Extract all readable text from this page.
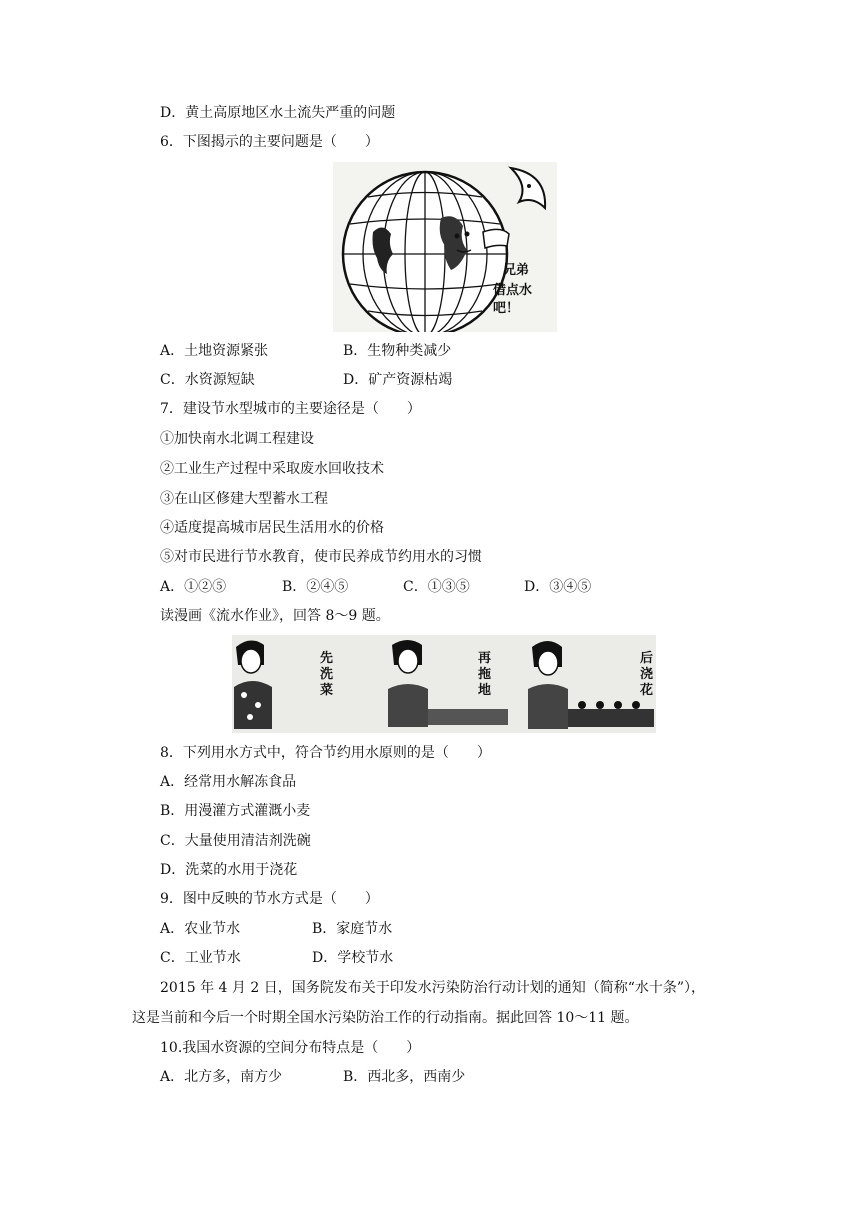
D．黄土高原地区水土流失严重的问题
6．下图揭示的主要问题是（　　）
兄弟
借点水吧！
A．土地资源紧张	B．生物种类减少
C．水资源短缺	D．矿产资源枯竭
7．建设节水型城市的主要途径是（　　）
①加快南水北调工程建设
②工业生产过程中采取废水回收技术
③在山区修建大型蓄水工程
④适度提高城市居民生活用水的价格
⑤对市民进行节水教育，使市民养成节约用水的习惯
A．①②⑤	B．②④⑤	C．①③⑤	D．③④⑤
读漫画《流水作业》，回答 8～9 题。
先洗菜
再拖地
后浇花
8．下列用水方式中，符合节约用水原则的是（　　）
A．经常用水解冻食品
B．用漫灌方式灌溉小麦
C．大量使用清洁剂洗碗
D．洗菜的水用于浇花
9．图中反映的节水方式是（　　）
A．农业节水	B．家庭节水
C．工业节水	D．学校节水
2015 年 4 月 2 日，国务院发布关于印发水污染防治行动计划的通知（简称“水十条”），
这是当前和今后一个时期全国水污染防治工作的行动指南。据此回答 10～11 题。
10.我国水资源的空间分布特点是（　　）
A．北方多，南方少	B．西北多，西南少
